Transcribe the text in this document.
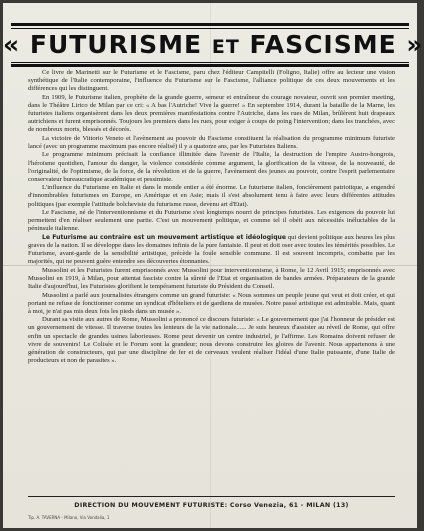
« FUTURISME ET FASCISME »

Ce livre de Marinetti sur le Futurisme et le Fascisme, paru chez l'éditeur Campitelli (Foligno, Italie) offre au lecteur une vision synthétique de l'Italie contemporaine, l'influence du Futurisme sur le Fascisme, l'alliance politique de ces deux mouvements et les différences qui les distinguent.

En 1909, le Futurisme italien, prophète de la grande guerre, semeur et entraîneur du courage novateur, ouvrit son premier meeting, dans le Théâtre Lirico de Milan par ce cri: « A bas l'Autriche! Vive la guerre! » En septembre 1914, durant la bataille de la Marne, les futuristes italiens organisèrent dans les deux premières manifestations contre l'Autriche, dans les rues de Milan, brûlèrent huit drapeaux autrichiens et furent emprisonnés. Toujours les premiers dans les rues, pour exiger à coups de poing l'intervention; dans les tranchées, avec de nombreux morts, blessés et décorés.

La victoire de Vittorio Veneto et l'avènement au pouvoir du Fascisme constituent la réalisation du programme minimum futuriste lancé (avec un programme maximum pas encore réalisé) il y a quatorze ans, par les Futuristes Italiens.

Le programme minimum précisait la confiance illimitée dans l'avenir de l'Italie, la destruction de l'empire Austro-hongrois, l'héroïsme quotidien, l'amour du danger, la violence considérée comme argument, la glorification de la vitesse, de la nouveauté, de l'originalité, de l'optimisme, de la force, de la révolution et de la guerre, l'avènement des jeunes au pouvoir, contre l'esprit parlementaire conservateur bureaucratique académique et pessimiste.

L'influence du Futurisme en Italie et dans le monde entier a été énorme. Le futurisme italien, foncièrement patriotique, a engendré d'innombrables futurismes en Europe, en Amérique et en Asie; mais il s'est absolument tenu à faire avec leurs différentes attitudes politiques (par exemple l'attitude bolcheviste du futurisme russe, devenu art d'Etat).

Le Fascisme, né de l'interventionnisme et du Futurisme s'est longtemps nourri de principes futuristes. Les exigences du pouvoir lui permettent d'en réaliser seulement une partie. C'est un mouvement politique, et comme tel il obéit aux nécessités inéluctables de la péninsule italienne.

Le Futurisme au contraire est un mouvement artistique et idéologique qui devient politique aux heures les plus graves de la nation. Il se développe dans les domaines infinis de la pure fantaisie. Il peut et doit oser avec toutes les témérités possibles. Le Futurisme, avant-garde de la sensibilité artistique, précède la foule sensible commune. Il est souvent incompris, combattu par les majorités, qui ne peuvent guère entendre ses découvertes étonnantes.

Mussolini et les Futuristes furent emprisonnés avec Mussolini pour interventionnisme, à Rome, le 12 Avril 1915; emprisonnés avec Mussolini en 1919, à Milan, pour attentat fasciste contre la sûreté de l'Etat et organisation de bandes armées. Préparateurs de la grande Italie d'aujourd'hui, les Futuristes glorifient le tempérament futuriste du Président du Conseil.

Mussolini a parlé aux journalistes étrangers comme un grand futuriste: « Nous sommes un peuple jeune qui veut et doit créer, et qui portant ne refuse de fonctionner comme un syndicat d'hôteliers et de gardiens de musées. Notre passé artistique est admirable. Mais, quant à moi, je n'ai pas mis deux fois les pieds dans un musée ».

Durant sa visite aux autres de Rome, Mussolini a prononcé ce discours futuriste: « Le gouvernement que j'ai l'honneur de présider est un gouvernement de vitesse. Il traverse toutes les lenteurs de la vie nationale...... Je suis heureux d'assister au réveil de Rome, qui offre enfin un spectacle de grandes usines laborieuses. Rome peut devenir un centre industriel, je l'affirme. Les Romains doivent refuser de vivre de souvenirs! Le Colisée et le Forum sont la grandeur; nous devons construire les gloires de l'avenir. Nous appartenons à une génération de constructeurs, qui par une discipline de fer et de cerveaux veulent réaliser l'idéal d'une Italie puissante, d'une Italie de producteurs et non de parasites ».

DIRECTION DU MOUVEMENT FUTURISTE: Corso Venezia, 61 - MILAN (13)
Tip. A. TAVERNA - Milano, Via Vandalia, 1
